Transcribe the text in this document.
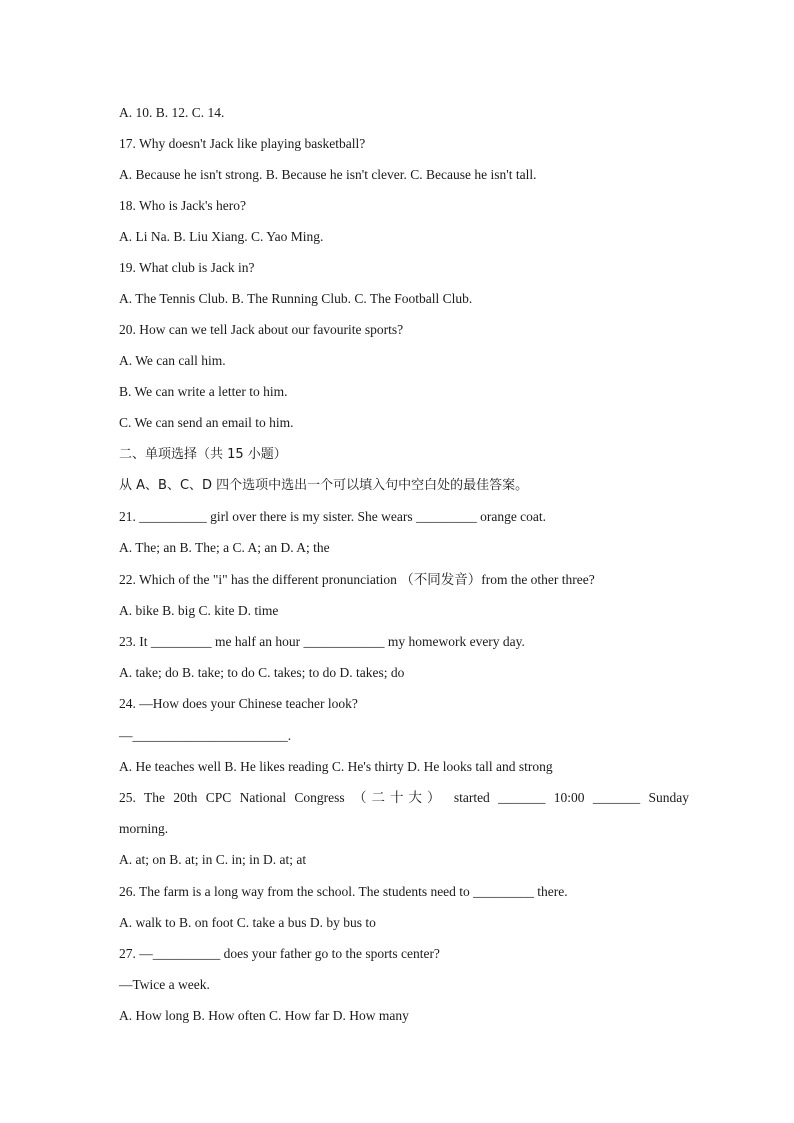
A. 10. B. 12. C. 14.
17. Why doesn't Jack like playing basketball?
A. Because he isn't strong. B. Because he isn't clever. C. Because he isn't tall.
18. Who is Jack's hero?
A. Li Na. B. Liu Xiang. C. Yao Ming.
19. What club is Jack in?
A. The Tennis Club. B. The Running Club. C. The Football Club.
20. How can we tell Jack about our favourite sports?
A. We can call him.
B. We can write a letter to him.
C. We can send an email to him.
二、单项选择（共 15 小题）
从 A、B、C、D 四个选项中选出一个可以填入句中空白处的最佳答案。
21. __________ girl over there is my sister. She wears _________ orange coat.
A. The; an B. The; a C. A; an D. A; the
22. Which of the "i" has the different pronunciation （不同发音）from the other three?
A. bike B. big C. kite D. time
23. It _________ me half an hour ____________ my homework every day.
A. take; do B. take; to do C. takes; to do D. takes; do
24. —How does your Chinese teacher look?
—_______________________.
A. He teaches well B. He likes reading C. He's thirty D. He looks tall and strong
25. The 20th CPC National Congress （二十大） started _______ 10:00 _______ Sunday
morning.
A. at; on B. at; in C. in; in D. at; at
26. The farm is a long way from the school. The students need to _________ there.
A. walk to B. on foot C. take a bus D. by bus to
27. —__________ does your father go to the sports center?
—Twice a week.
A. How long B. How often C. How far D. How many
